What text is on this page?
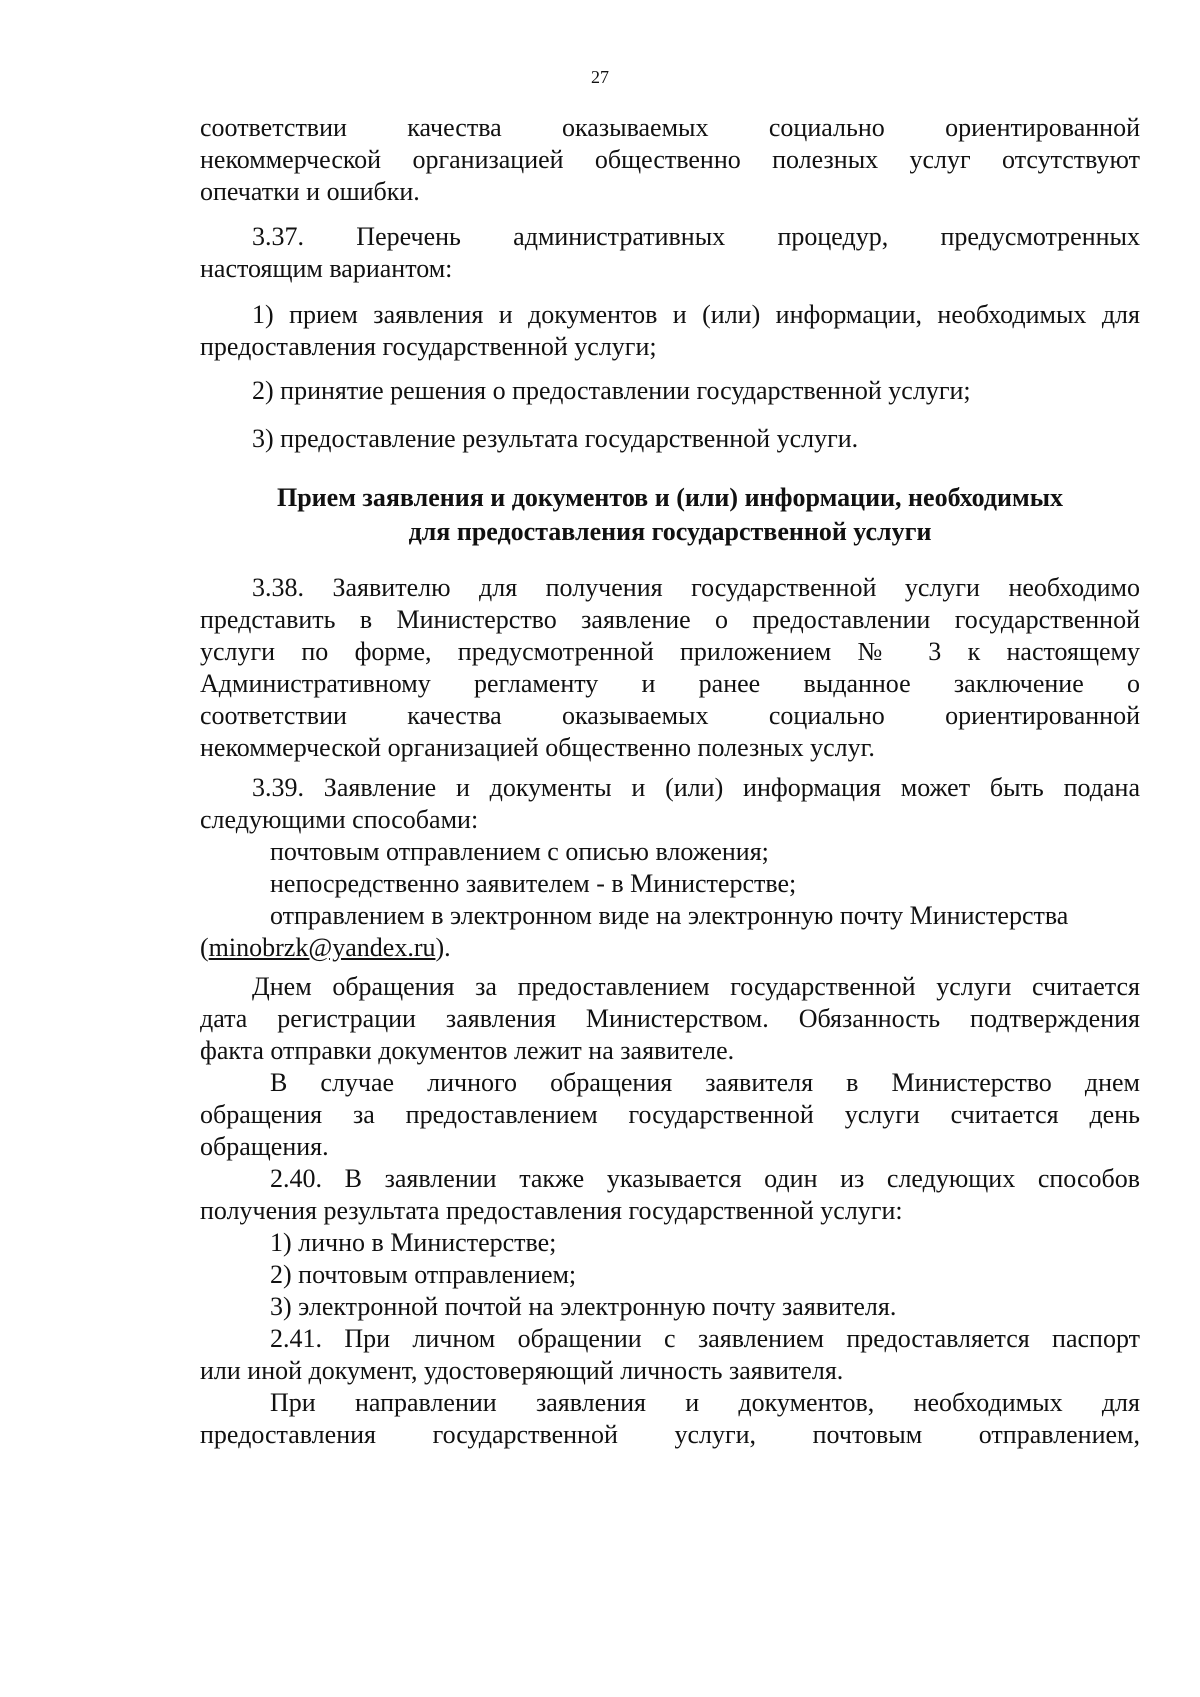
27

соответствии качества оказываемых социально ориентированной
некоммерческой организацией общественно полезных услуг отсутствуют
опечатки и ошибки.

3.37. Перечень административных процедур, предусмотренных
настоящим вариантом:

1) прием заявления и документов и (или) информации, необходимых для
предоставления государственной услуги;

2) принятие решения о предоставлении государственной услуги;

3) предоставление результата государственной услуги.

Прием заявления и документов и (или) информации, необходимых
для предоставления государственной услуги

3.38. Заявителю для получения государственной услуги необходимо
представить в Министерство заявление о предоставлении государственной
услуги по форме, предусмотренной приложением № 3 к настоящему
Административному регламенту и ранее выданное заключение о
соответствии качества оказываемых социально ориентированной
некоммерческой организацией общественно полезных услуг.

3.39. Заявление и документы и (или) информация может быть подана
следующими способами:
почтовым отправлением с описью вложения;
непосредственно заявителем - в Министерстве;
отправлением в электронном виде на электронную почту Министерства
(minobrzk@yandex.ru).

Днем обращения за предоставлением государственной услуги считается
дата регистрации заявления Министерством. Обязанность подтверждения
факта отправки документов лежит на заявителе.
В случае личного обращения заявителя в Министерство днем
обращения за предоставлением государственной услуги считается день
обращения.
2.40. В заявлении также указывается один из следующих способов
получения результата предоставления государственной услуги:
1) лично в Министерстве;
2) почтовым отправлением;
3) электронной почтой на электронную почту заявителя.
2.41. При личном обращении с заявлением предоставляется паспорт
или иной документ, удостоверяющий личность заявителя.
При направлении заявления и документов, необходимых для
предоставления государственной услуги, почтовым отправлением,
